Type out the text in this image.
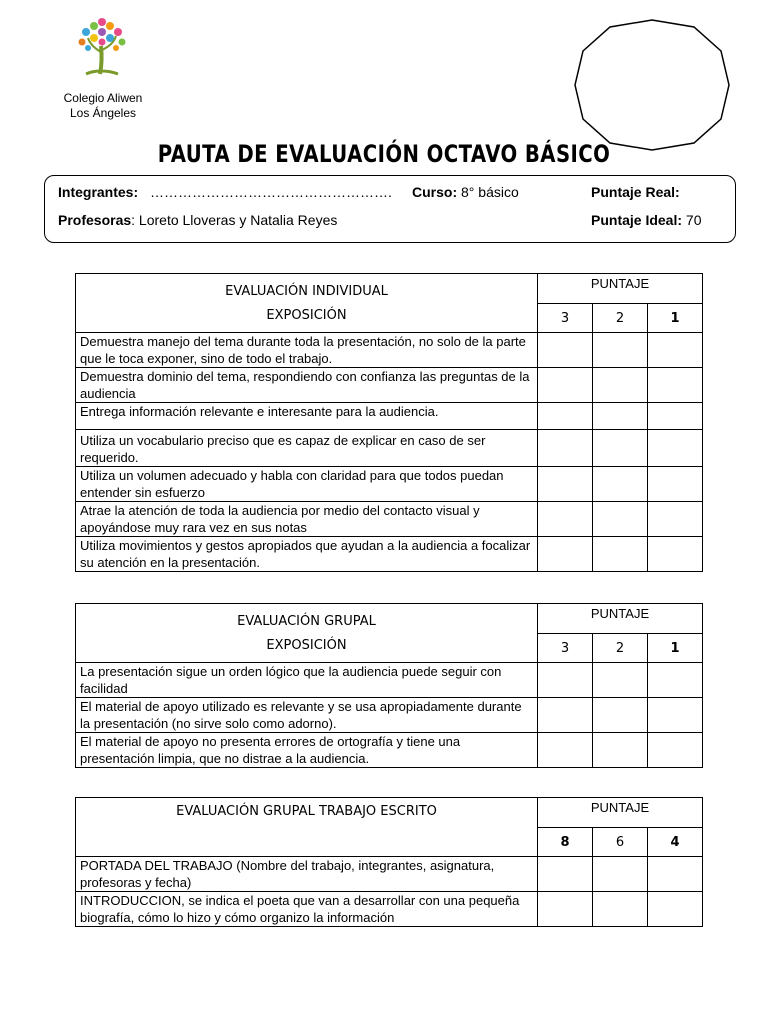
Colegio Aliwen
Los Ángeles
PAUTA DE EVALUACIÓN OCTAVO BÁSICO
Integrantes: ……………………………………………. Curso: 8° básico	Puntaje Real:
Profesoras: Loreto Lloveras y Natalia Reyes	Puntaje Ideal: 70
EVALUACIÓN INDIVIDUAL
EXPOSICIÓN	PUNTAJE		
	3	2	1
Demuestra manejo del tema durante toda la presentación, no solo de la parte que le toca exponer, sino de todo el trabajo.			
Demuestra dominio del tema, respondiendo con confianza las preguntas de la audiencia			
Entrega información relevante e interesante para la audiencia.			
Utiliza un vocabulario preciso que es capaz de explicar en caso de ser requerido.			
Utiliza un volumen adecuado y habla con claridad para que todos puedan entender sin esfuerzo			
Atrae la atención de toda la audiencia por medio del contacto visual y apoyándose muy rara vez en sus notas			
Utiliza movimientos y gestos apropiados que ayudan a la audiencia a focalizar su atención en la presentación.			
EVALUACIÓN GRUPAL
EXPOSICIÓN	PUNTAJE		
	3	2	1
La presentación sigue un orden lógico que la audiencia puede seguir con facilidad			
El material de apoyo utilizado es relevante y se usa apropiadamente durante la presentación (no sirve solo como adorno).			
El material de apoyo no presenta errores de ortografía y tiene una presentación limpia, que no distrae a la audiencia.			
EVALUACIÓN GRUPAL TRABAJO ESCRITO	PUNTAJE		
	8	6	4
PORTADA DEL TRABAJO (Nombre del trabajo, integrantes, asignatura, profesoras y fecha)			
INTRODUCCION, se indica el poeta que van a desarrollar con una pequeña biografía, cómo lo hizo y cómo organizo la información			
